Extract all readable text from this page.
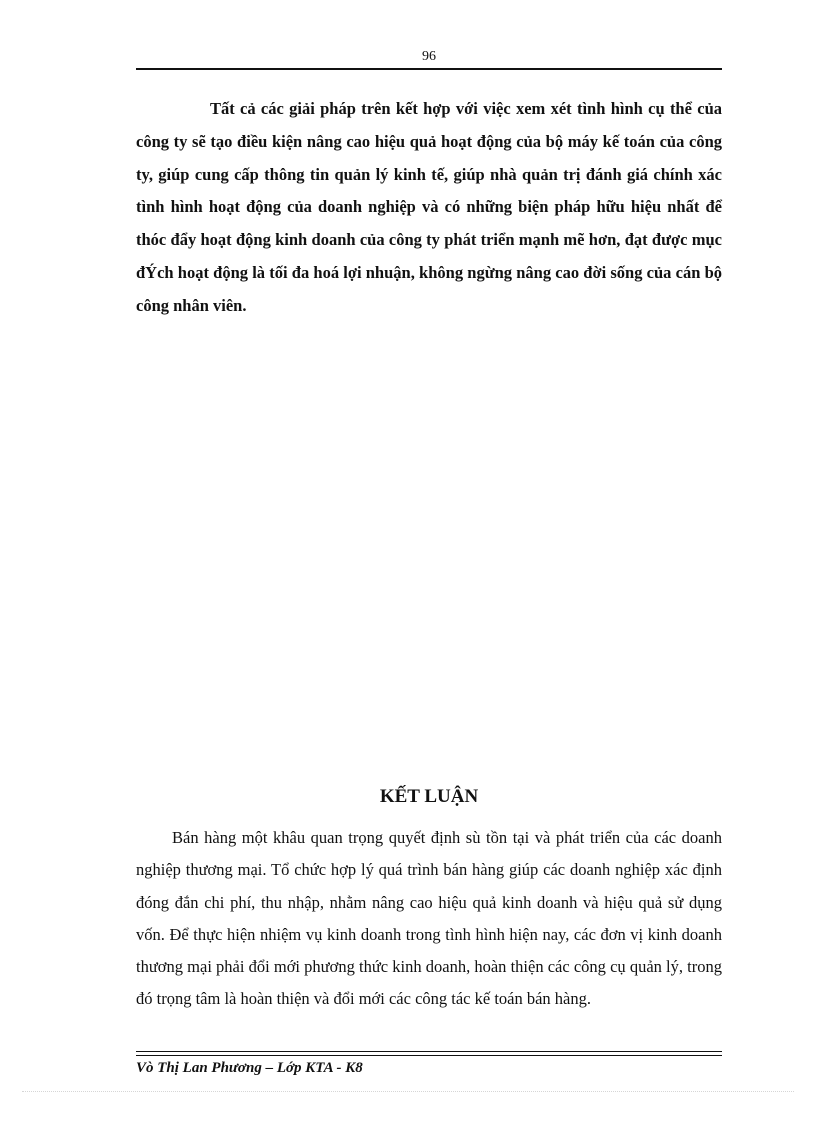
96

Tất cả các giải pháp trên kết hợp với việc xem xét tình hình cụ thể của công ty sẽ tạo điều kiện nâng cao hiệu quả hoạt động của bộ máy kế toán của công ty, giúp cung cấp thông tin quản lý kinh tế, giúp nhà quản trị đánh giá chính xác tình hình hoạt động của doanh nghiệp và có những biện pháp hữu hiệu nhất để thóc đẩy hoạt động kinh doanh của công ty phát triển mạnh mẽ hơn, đạt được mục đÝch hoạt động là tối đa hoá lợi nhuận, không ngừng nâng cao đời sống của cán bộ công nhân viên.

KẾT LUẬN

Bán hàng một khâu quan trọng quyết định sù tồn tại và phát triển của các doanh nghiệp thương mại. Tổ chức hợp lý quá trình bán hàng giúp các doanh nghiệp xác định đóng đắn chi phí, thu nhập, nhằm nâng cao hiệu quả kinh doanh và hiệu quả sử dụng vốn. Để thực hiện nhiệm vụ kinh doanh trong tình hình hiện nay, các đơn vị kinh doanh thương mại phải đổi mới phương thức kinh doanh, hoàn thiện các công cụ quản lý, trong đó trọng tâm là hoàn thiện và đổi mới các công tác kế toán bán hàng.

Vò Thị Lan Phương – Lớp KTA - K8
